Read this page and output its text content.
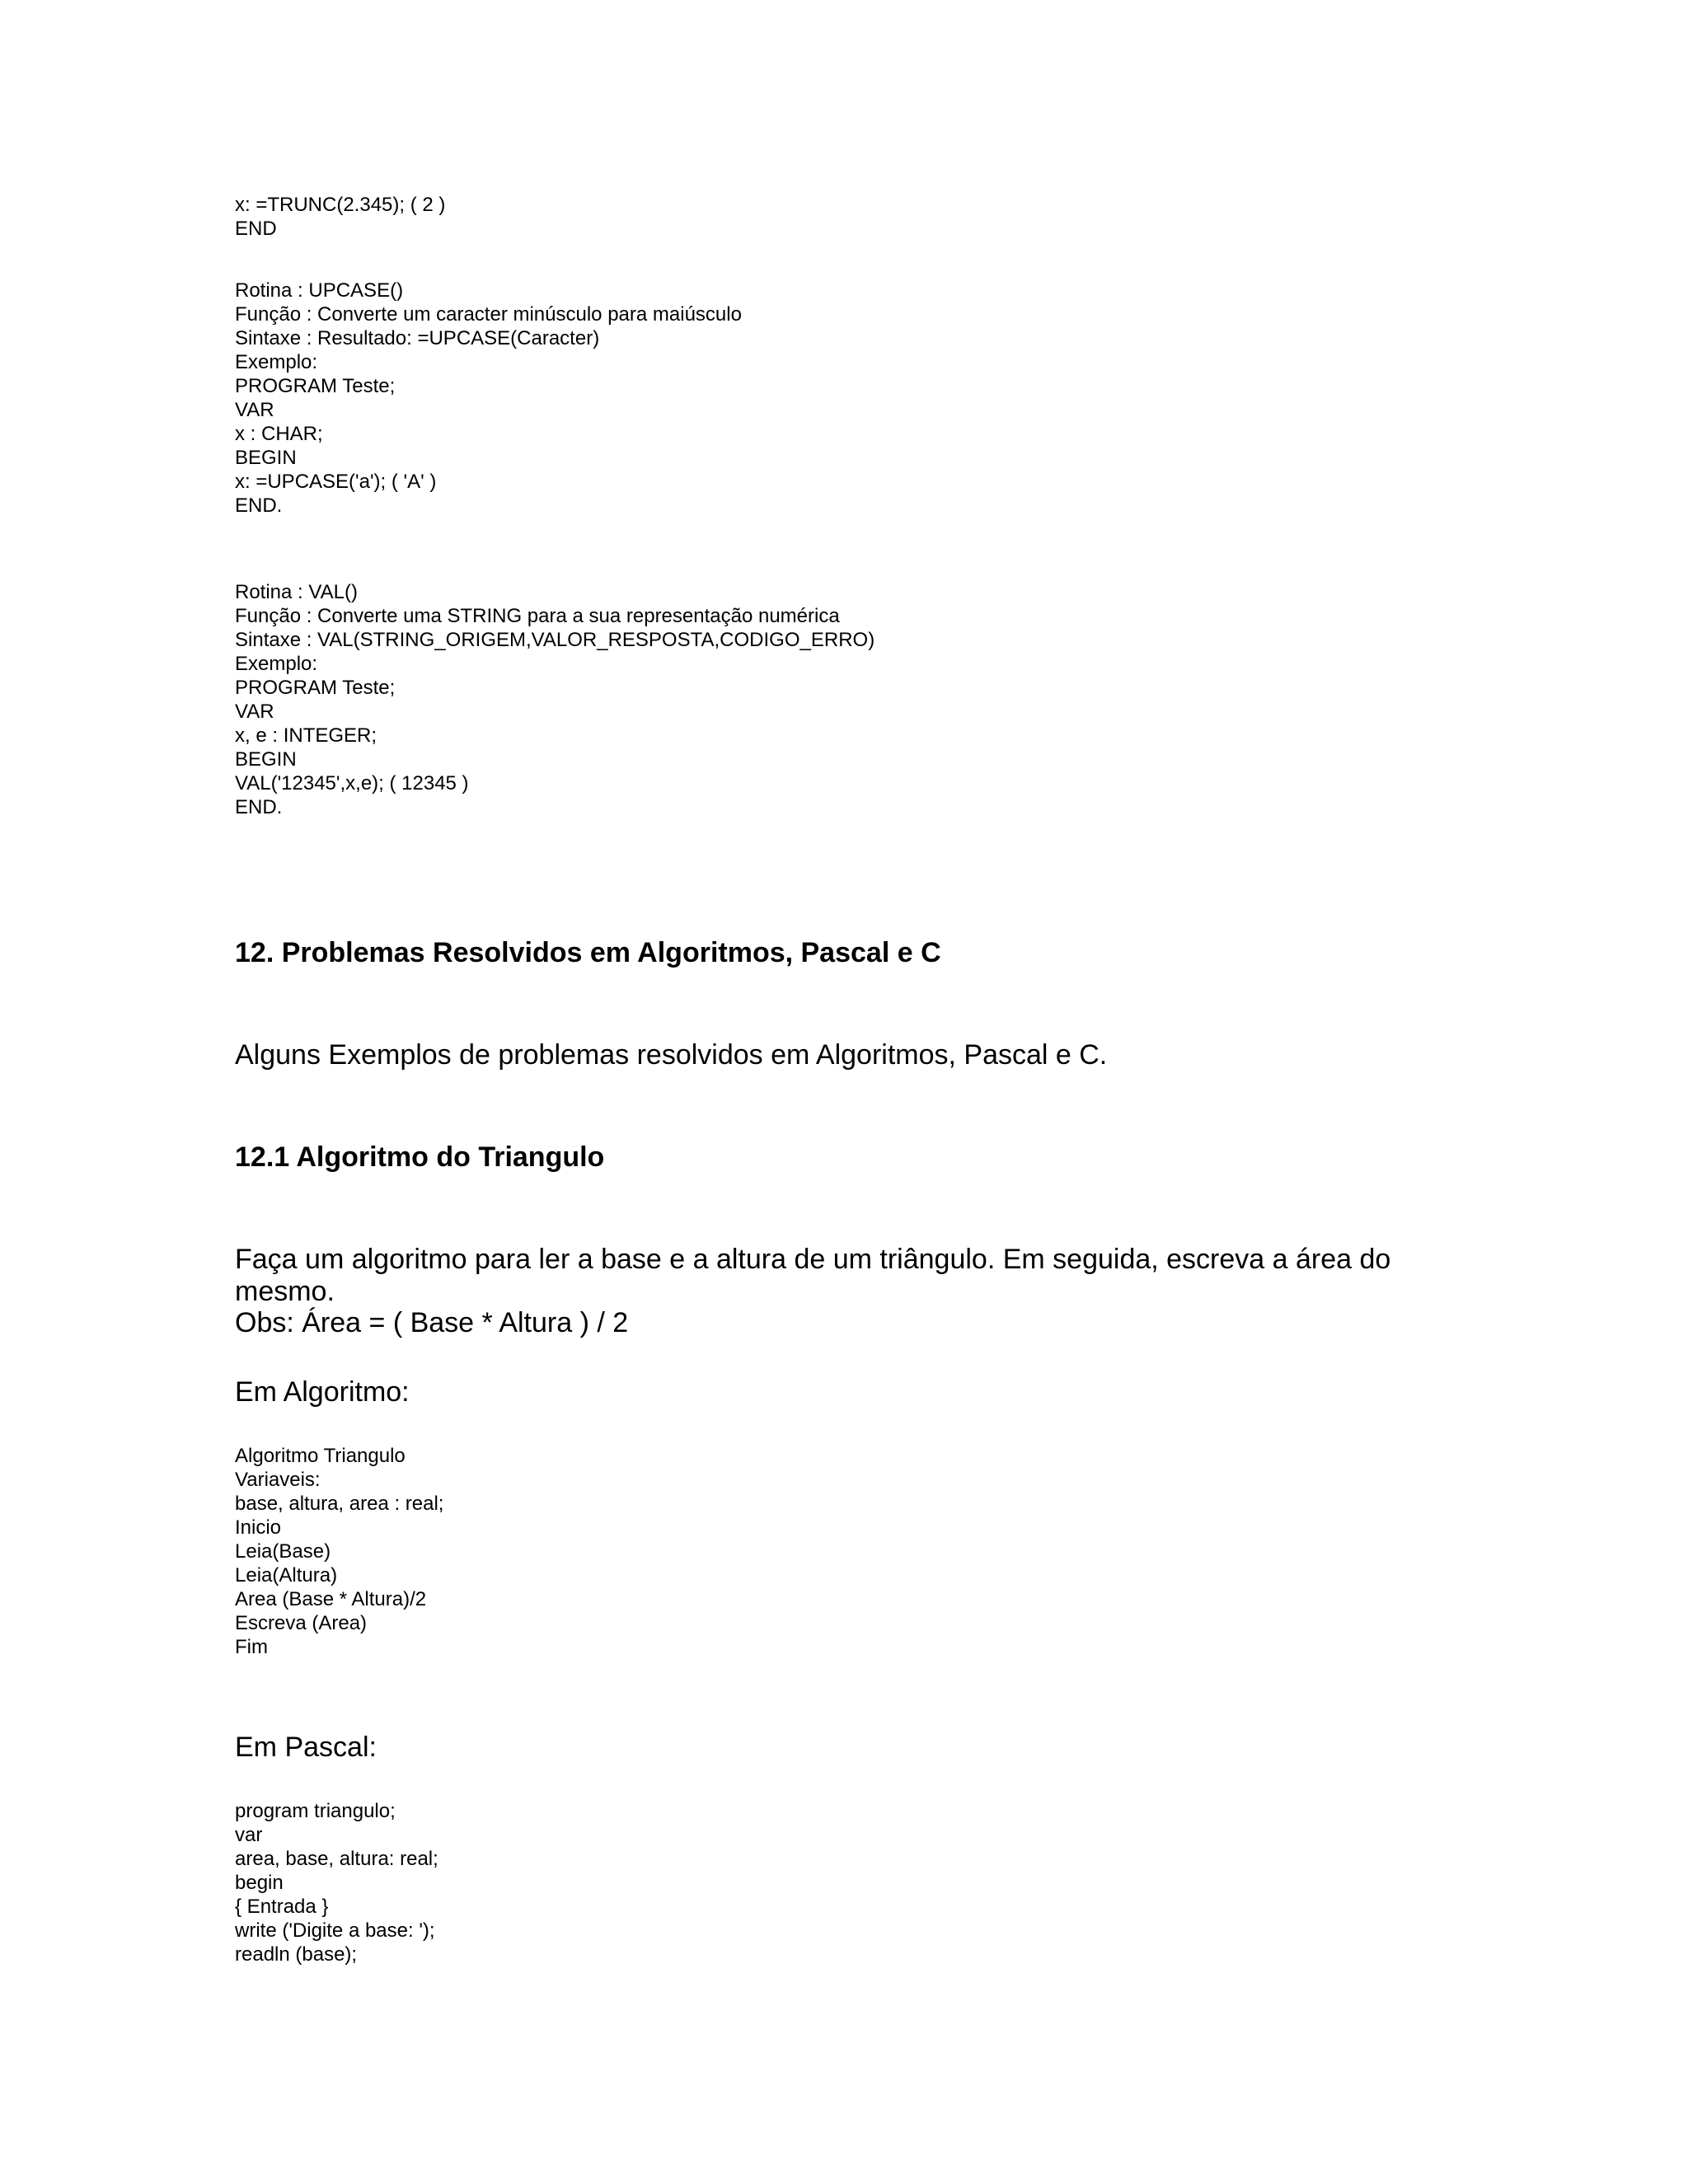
x: =TRUNC(2.345); ( 2 )
END
Rotina : UPCASE()
Função : Converte um caracter minúsculo para maiúsculo
Sintaxe : Resultado: =UPCASE(Caracter)
Exemplo:
PROGRAM Teste;
VAR
x : CHAR;
BEGIN
x: =UPCASE('a'); ( 'A' )
END.
Rotina : VAL()
Função : Converte uma STRING para a sua representação numérica
Sintaxe : VAL(STRING_ORIGEM,VALOR_RESPOSTA,CODIGO_ERRO)
Exemplo:
PROGRAM Teste;
VAR
x, e : INTEGER;
BEGIN
VAL('12345',x,e); ( 12345 )
END.
12. Problemas Resolvidos em Algoritmos, Pascal e C

Alguns Exemplos de problemas resolvidos em Algoritmos, Pascal e C.

12.1 Algoritmo do Triangulo

Faça um algoritmo para ler a base e a altura de um triângulo. Em seguida, escreva a área do
mesmo.
Obs: Área = ( Base * Altura ) / 2

Em Algoritmo:

Algoritmo Triangulo
Variaveis:
base, altura, area : real;
Inicio
Leia(Base)
Leia(Altura)
Area (Base * Altura)/2
Escreva (Area)
Fim

Em Pascal:

program triangulo;
var
area, base, altura: real;
begin
{ Entrada }
write ('Digite a base: ');
readln (base);
